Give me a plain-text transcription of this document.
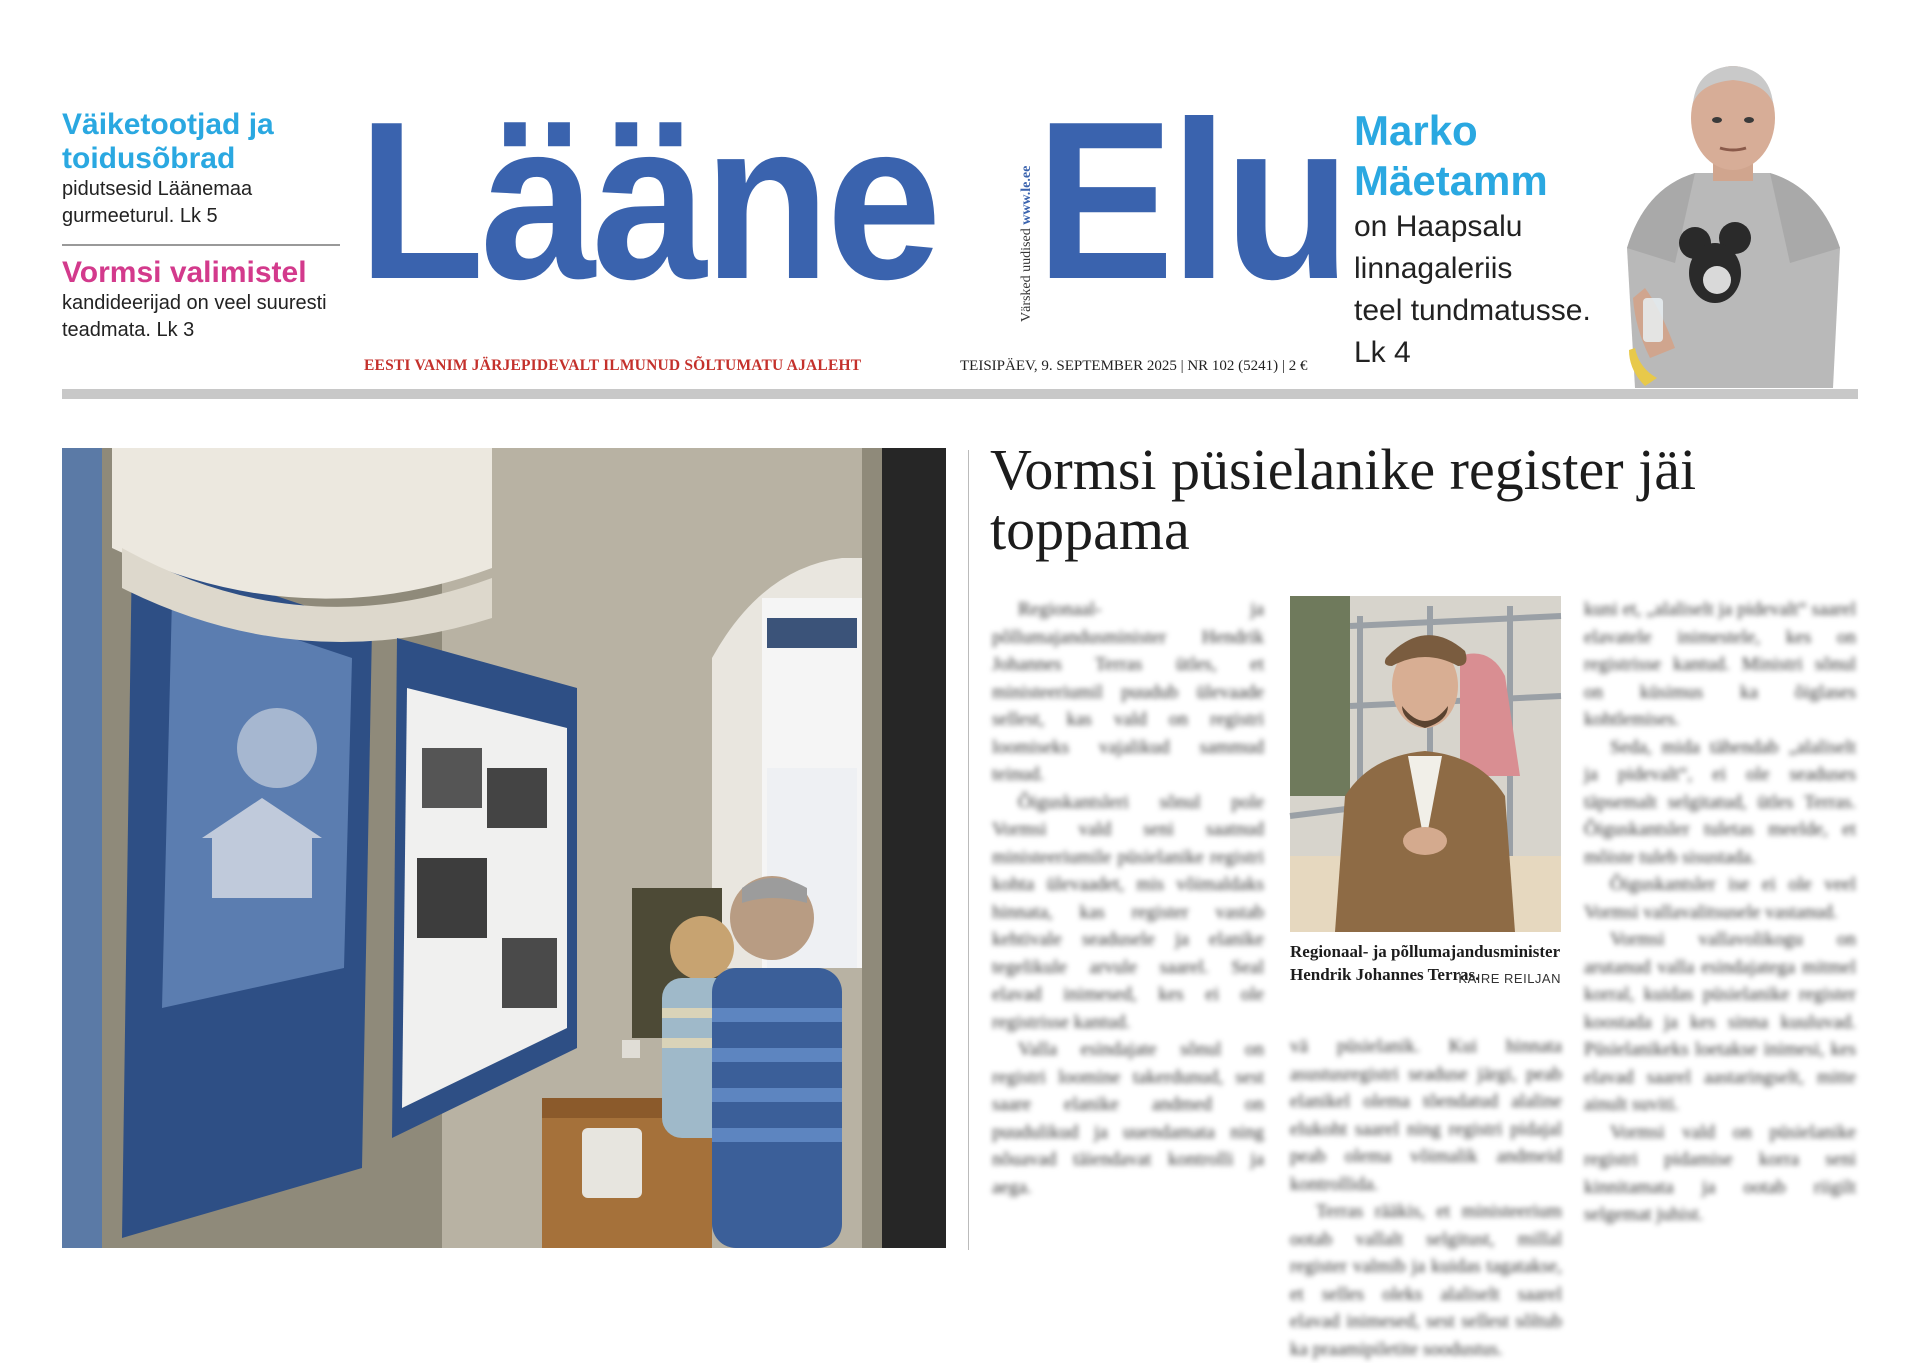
Väiketootjad ja toidusõbrad

pidutsesid Läänemaa gurmeeturul. Lk 5

Vormsi valimistel

kandideerijad on veel suuresti teadmata. Lk 3

Lääne	Värsked uudised www.le.ee Elu
EESTI VANIM JÄRJEPIDEVALT ILMUNUD SÕLTUMATU AJALEHT	TEISIPÄEV, 9. SEPTEMBER 2025 | NR 102 (5241) | 2 €

Marko Mäetamm

on Haapsalu

linnagaleriis

teel tundmatusse.

Lk 4

Vormsi püsielanike register jäi toppama

Regionaal- ja põllumajandusminister Hendrik Johannes Terras ütles, et ministeeriumil puudub ülevaade sellest, kas vald on registri loomiseks vajalikud sammud teinud.

Õiguskantsleri sõnul pole Vormsi vald seni saatnud ministeeriumile püsielanike registri kohta ülevaadet, mis võimaldaks hinnata, kas register vastab kehtivale seadusele ja elanike tegelikule arvule saarel. Seal elavad inimesed, kes ei ole registrisse kantud.

Valla esindajate sõnul on registri loomine takerdunud, sest saare elanike andmed on puudulikud ja uuendamata ning nõuavad täiendavat kontrolli ja aega.

Regionaal- ja põllumajandusminister Hendrik Johannes Terras.
KAIRE REILJAN

vä püsielanik. Kui hinnata asustusregistri seaduse järgi, peab elanikel olema tõendatud alaline elukoht saarel ning registri pidajal peab olema võimalik andmeid kontrollida.

Terras rääkis, et ministeerium ootab vallalt selgitust, millal register valmib ja kuidas tagatakse, et selles oleks alaliselt saarel elavad inimesed, sest sellest sõltub ka praamipiletite soodustus.

kuni et, „alaliselt ja pidevalt“ saarel elavatele inimestele, kes on registrisse kantud. Ministri sõnul on küsimus ka õiglases kohtlemises.

Seda, mida tähendab „alaliselt ja pidevalt“, ei ole seaduses täpsemalt selgitatud, ütles Terras. Õiguskantsler tuletas meelde, et mõiste tuleb sisustada.

Õiguskantsler ise ei ole veel Vormsi vallavalitsusele vastanud.

Vormsi vallavolikogu on arutanud valla esindajatega mitmel korral, kuidas püsielanike register koostada ja kes sinna kuuluvad. Püsielanikeks loetakse inimesi, kes elavad saarel aastaringselt, mitte ainult suviti.

Vormsi vald on püsielanike registri pidamise korra seni kinnitamata ja ootab riigilt selgemat juhist.
